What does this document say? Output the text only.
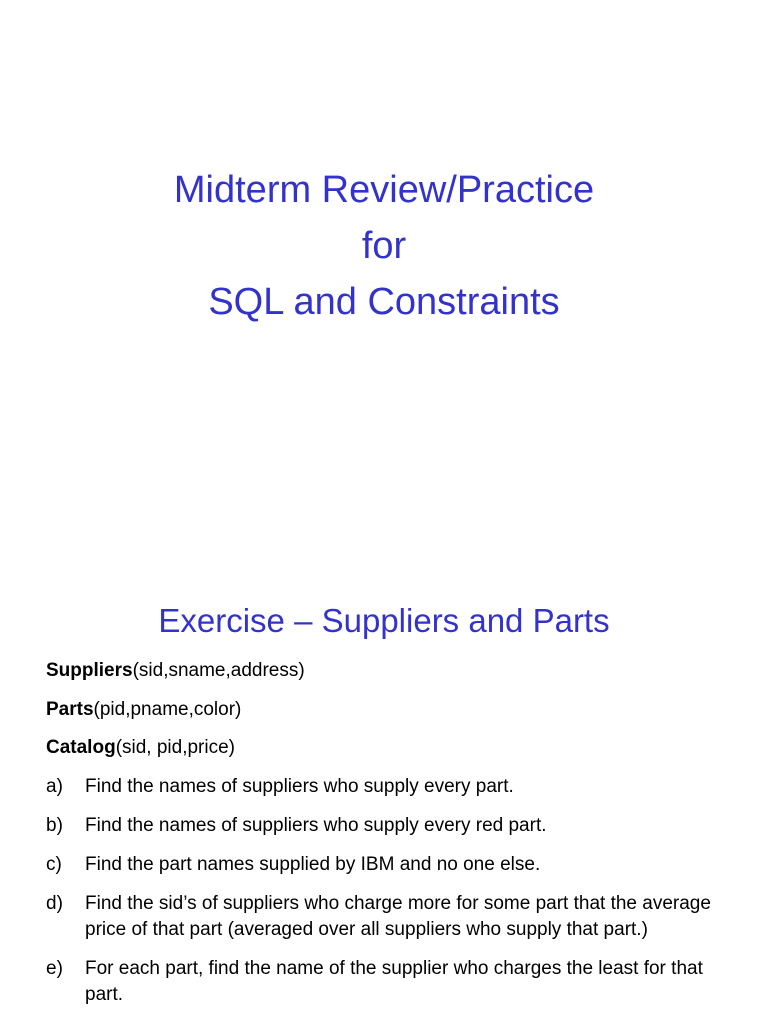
Midterm Review/Practice
for
SQL and Constraints
Exercise – Suppliers and Parts
Suppliers(sid,sname,address)
Parts(pid,pname,color)
Catalog(sid, pid,price)
a) Find the names of suppliers who supply every part.
b) Find the names of suppliers who supply every red part.
c) Find the part names supplied by IBM and no one else.
d) Find the sid’s of suppliers who charge more for some part that the average price of that part (averaged over all suppliers who supply that part.)
e) For each part, find the name of the supplier who charges the least for that part.
